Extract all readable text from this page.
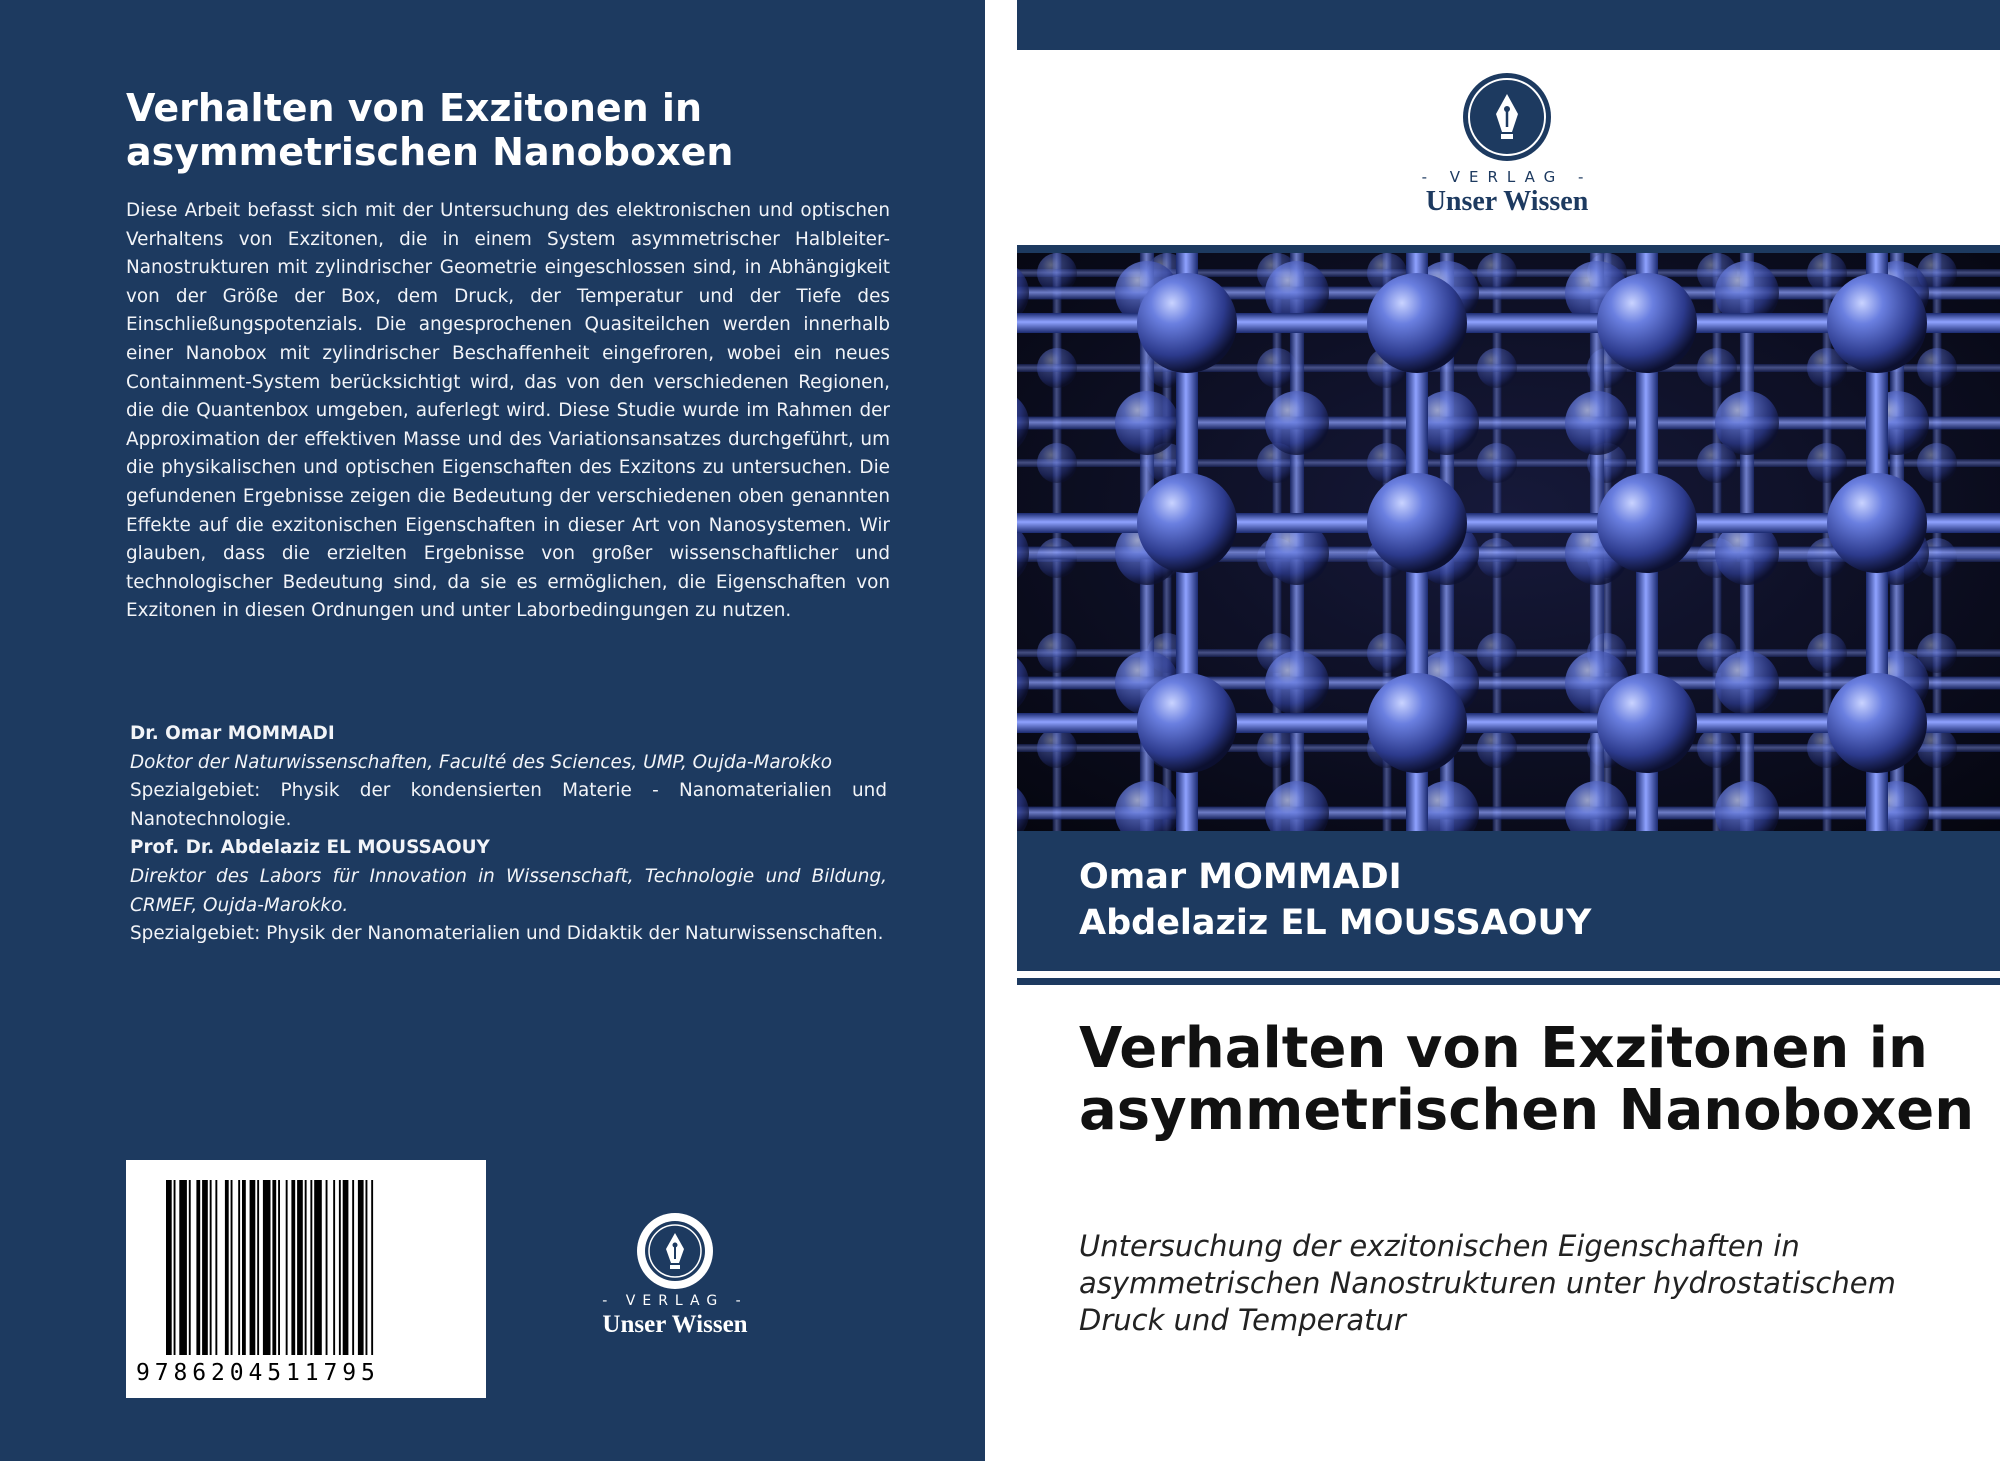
Verhalten von Exzitonen in asymmetrischen Nanoboxen
Diese Arbeit befasst sich mit der Untersuchung des elektronischen und optischen Verhaltens von Exzitonen, die in einem System asymmetrischer Halbleiter-Nanostrukturen mit zylindrischer Geometrie eingeschlossen sind, in Abhängigkeit von der Größe der Box, dem Druck, der Temperatur und der Tiefe des Einschließungspotenzials. Die angesprochenen Quasiteilchen werden innerhalb einer Nanobox mit zylindrischer Beschaffenheit eingefroren, wobei ein neues Containment-System berücksichtigt wird, das von den verschiedenen Regionen, die die Quantenbox umgeben, auferlegt wird. Diese Studie wurde im Rahmen der Approximation der effektiven Masse und des Variationsansatzes durchgeführt, um die physikalischen und optischen Eigenschaften des Exzitons zu untersuchen. Die gefundenen Ergebnisse zeigen die Bedeutung der verschiedenen oben genannten Effekte auf die exzitonischen Eigenschaften in dieser Art von Nanosystemen. Wir glauben, dass die erzielten Ergebnisse von großer wissenschaftlicher und technologischer Bedeutung sind, da sie es ermöglichen, die Eigenschaften von Exzitonen in diesen Ordnungen und unter Laborbedingungen zu nutzen.
Dr. Omar MOMMADI
Doktor der Naturwissenschaften, Faculté des Sciences, UMP, Oujda-Marokko
Spezialgebiet: Physik der kondensierten Materie - Nanomaterialien und Nanotechnologie.
Prof. Dr. Abdelaziz EL MOUSSAOUY
Direktor des Labors für Innovation in Wissenschaft, Technologie und Bildung, CRMEF, Oujda-Marokko.
Spezialgebiet: Physik der Nanomaterialien und Didaktik der Naturwissenschaften.
9786204511795
- VERLAG -
Unser Wissen
- VERLAG -
Unser Wissen
Omar MOMMADI
Abdelaziz EL MOUSSAOUY
Verhalten von Exzitonen in asymmetrischen Nanoboxen
Untersuchung der exzitonischen Eigenschaften in asymmetrischen Nanostrukturen unter hydrostatischem Druck und Temperatur
